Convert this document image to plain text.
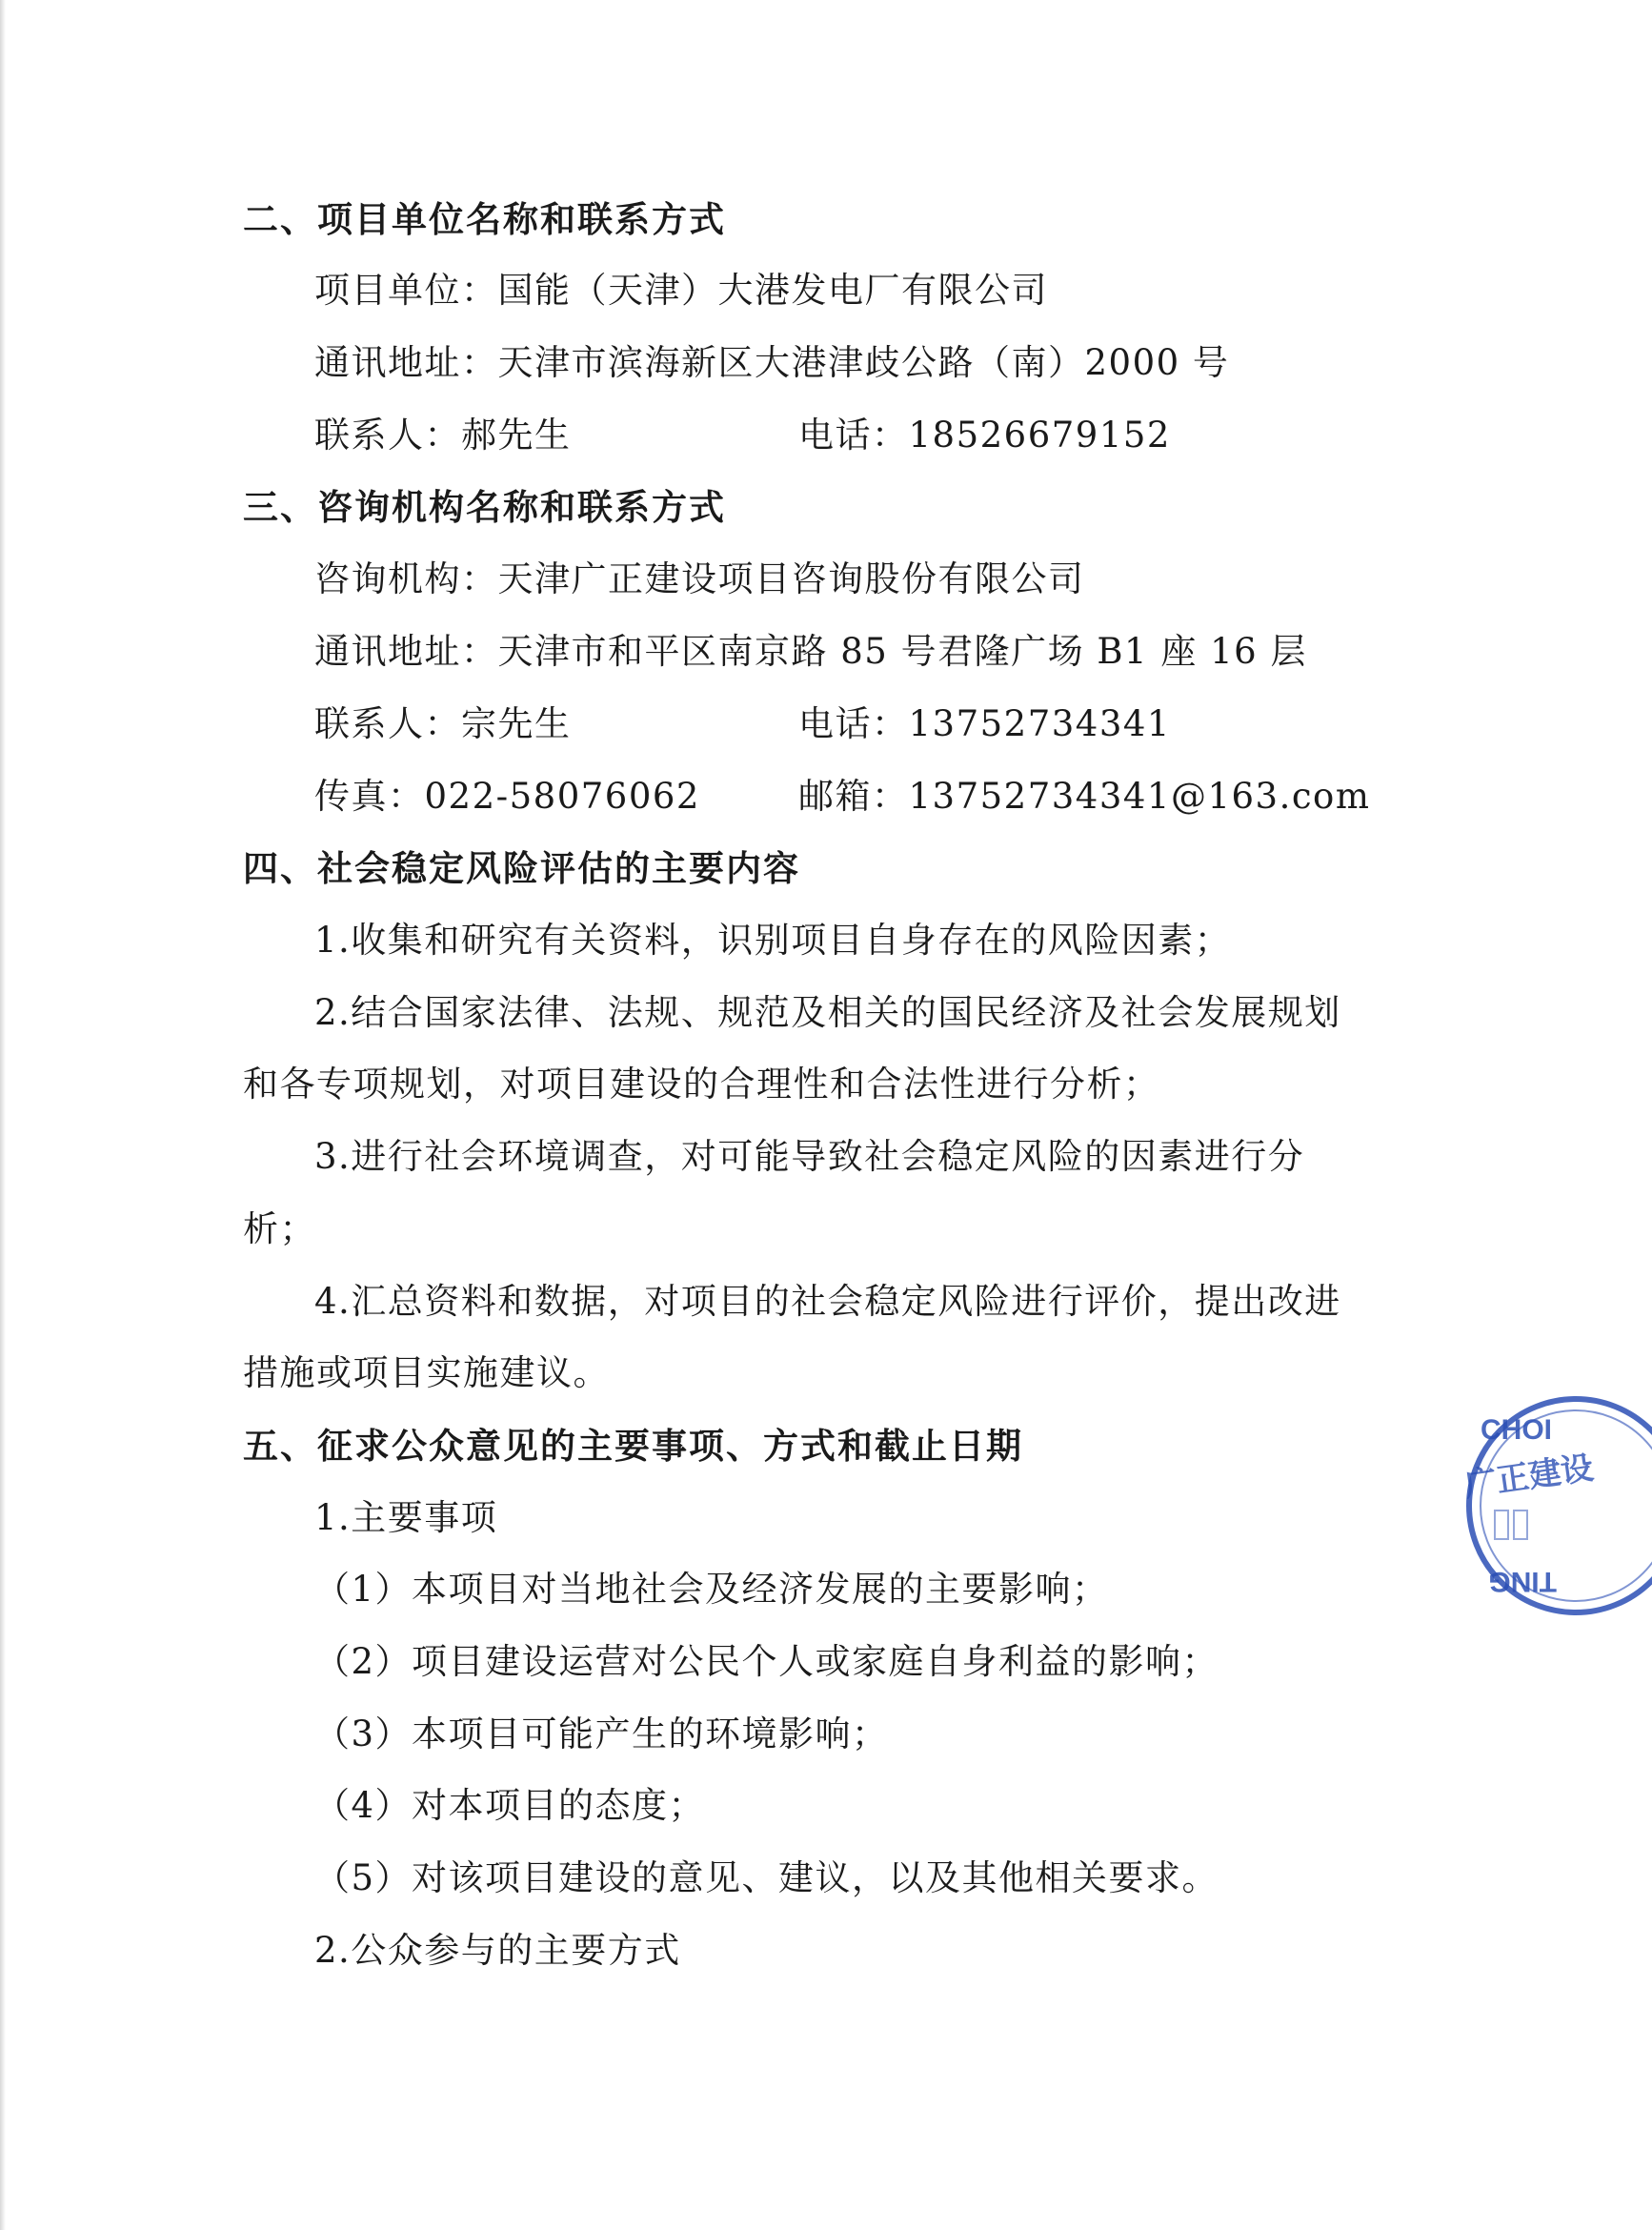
二、项目单位名称和联系方式
项目单位：国能（天津）大港发电厂有限公司
通讯地址：天津市滨海新区大港津歧公路（南）2000 号
联系人：郝先生	电话：18526679152
三、咨询机构名称和联系方式
咨询机构：天津广正建设项目咨询股份有限公司
通讯地址：天津市和平区南京路 85 号君隆广场 B1 座 16 层
联系人：宗先生	电话：13752734341
传真：022-58076062	邮箱：13752734341@163.com
四、社会稳定风险评估的主要内容
1.收集和研究有关资料，识别项目自身存在的风险因素；
2.结合国家法律、法规、规范及相关的国民经济及社会发展规划
和各专项规划，对项目建设的合理性和合法性进行分析；
3.进行社会环境调查，对可能导致社会稳定风险的因素进行分
析；
4.汇总资料和数据，对项目的社会稳定风险进行评价，提出改进
措施或项目实施建议。
五、征求公众意见的主要事项、方式和截止日期
1.主要事项
（1）本项目对当地社会及经济发展的主要影响；
（2）项目建设运营对公民个人或家庭自身利益的影响；
（3）本项目可能产生的环境影响；
（4）对本项目的态度；
（5）对该项目建设的意见、建议，以及其他相关要求。
2.公众参与的主要方式
CHOI
广正建设
TING
